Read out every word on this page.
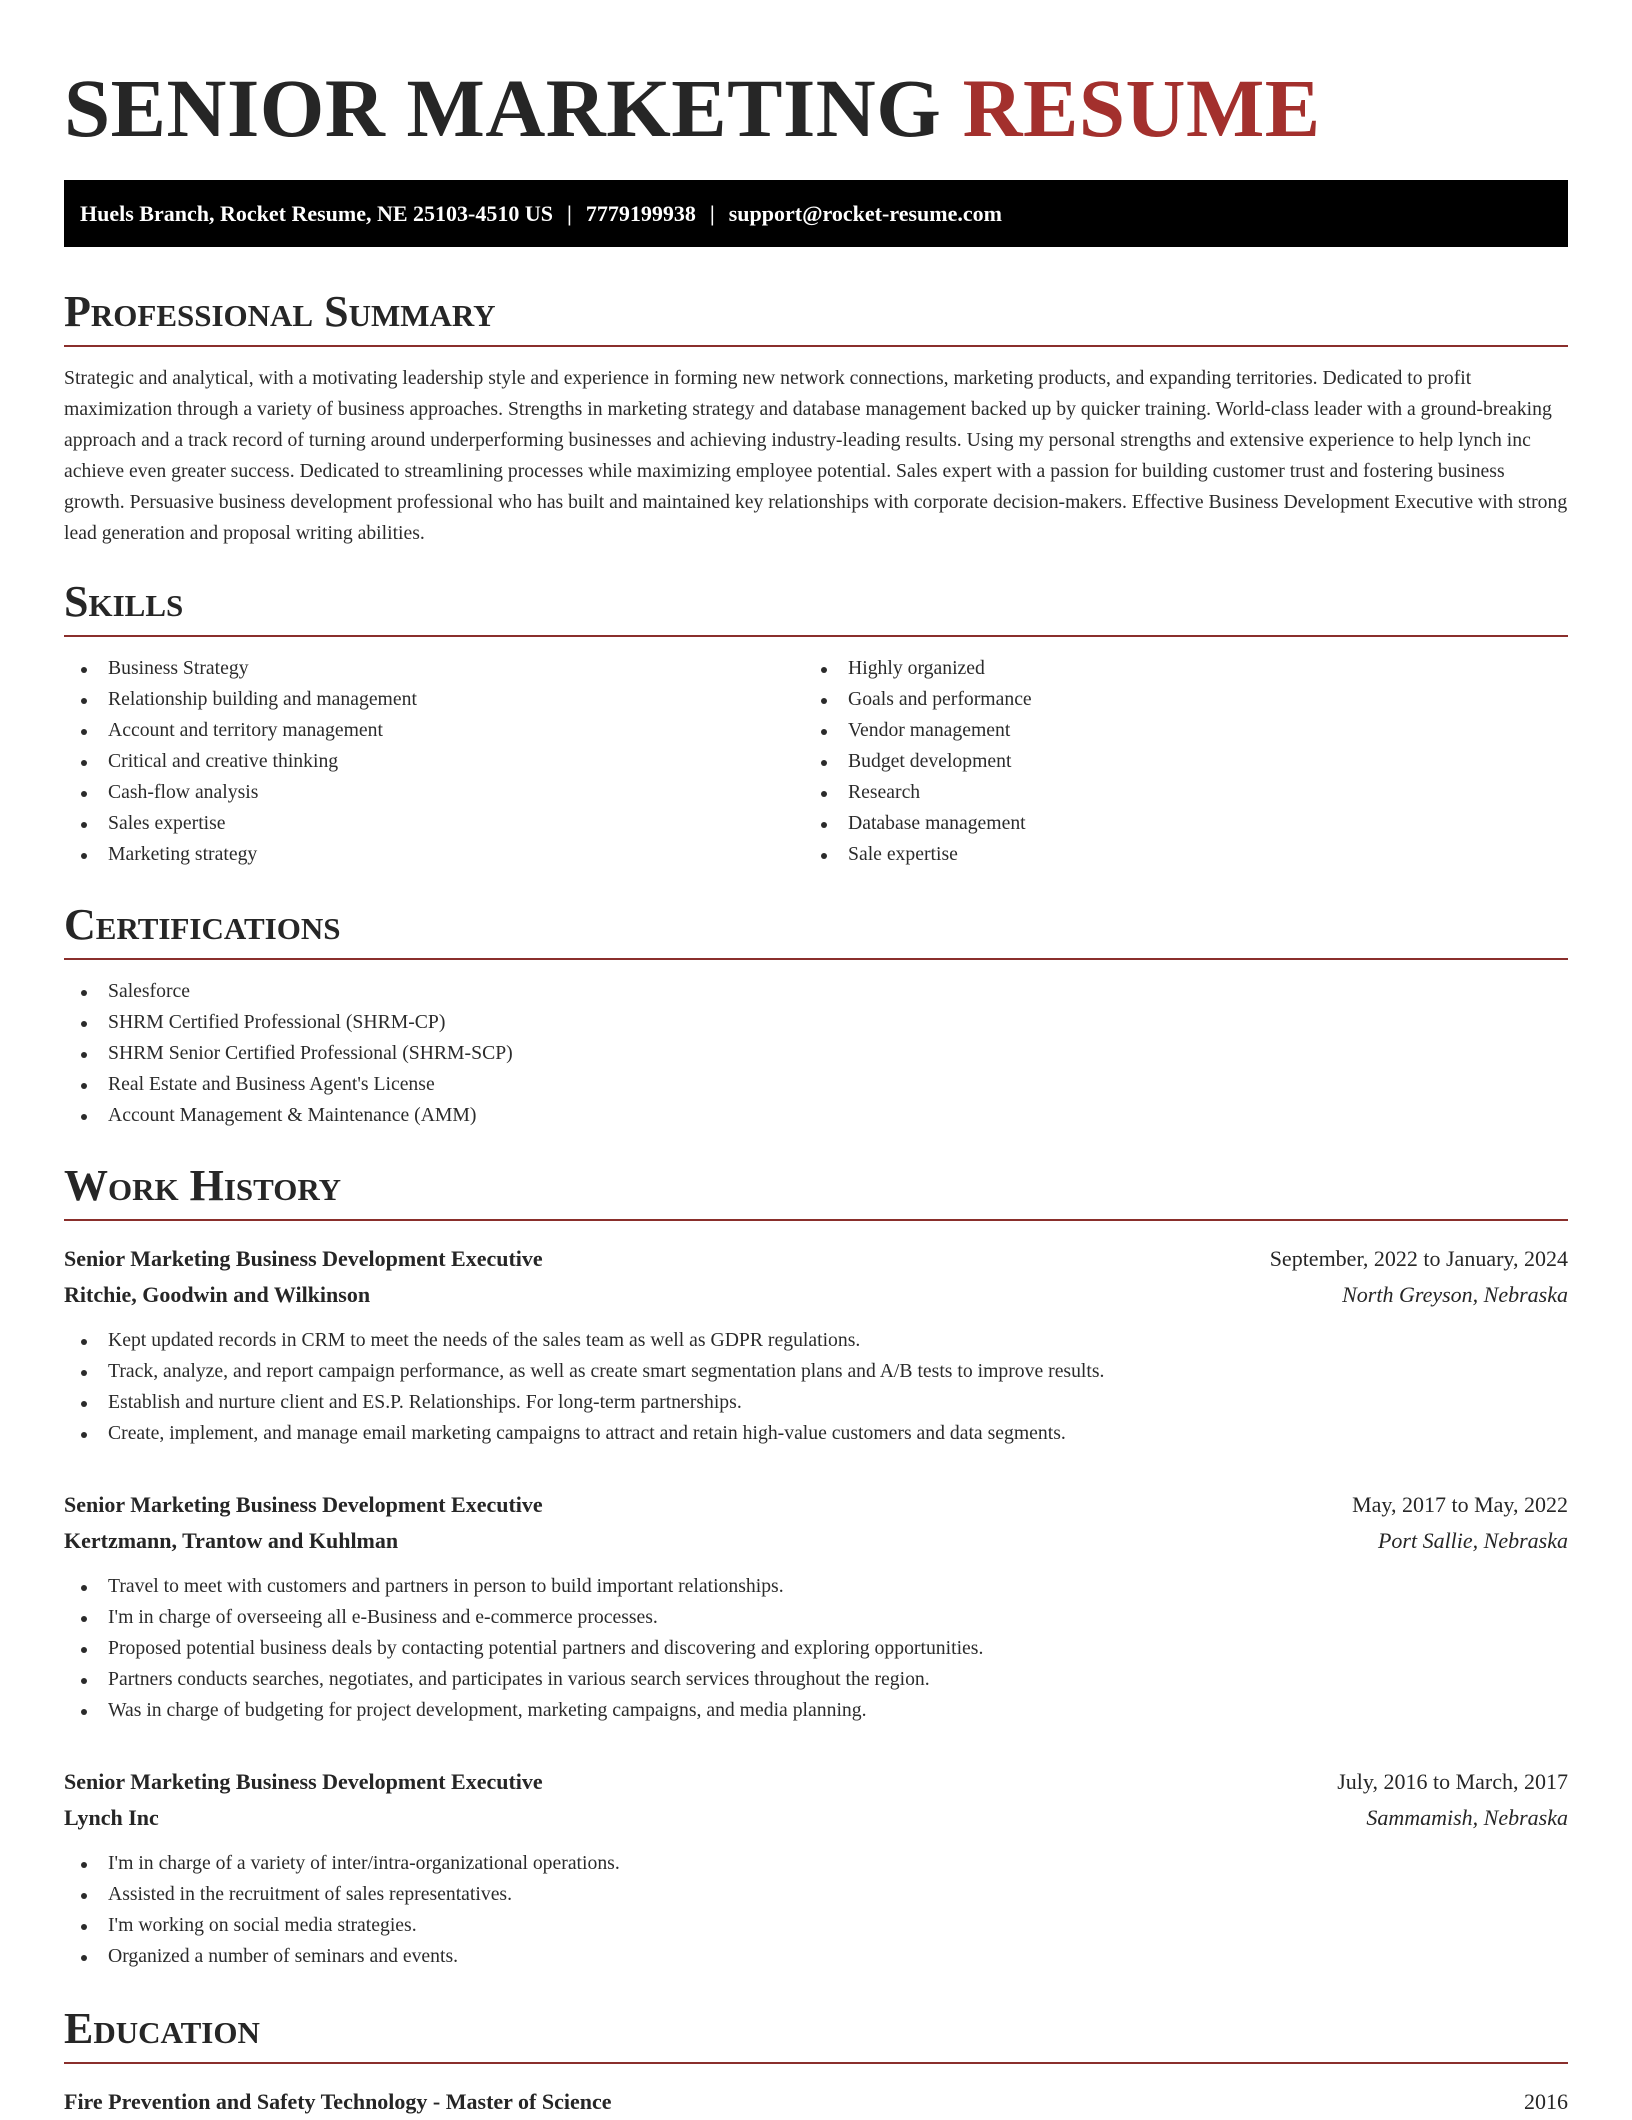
SENIOR MARKETING RESUME
Huels Branch, Rocket Resume, NE 25103-4510 US | 7779199938 | support@rocket-resume.com
Professional Summary

Strategic and analytical, with a motivating leadership style and experience in forming new network connections, marketing products, and expanding territories. Dedicated to profit maximization through a variety of business approaches. Strengths in marketing strategy and database management backed up by quicker training. World-class leader with a ground-breaking approach and a track record of turning around underperforming businesses and achieving industry-leading results. Using my personal strengths and extensive experience to help lynch inc achieve even greater success. Dedicated to streamlining processes while maximizing employee potential. Sales expert with a passion for building customer trust and fostering business growth. Persuasive business development professional who has built and maintained key relationships with corporate decision-makers. Effective Business Development Executive with strong lead generation and proposal writing abilities.

Skills
Business Strategy
Relationship building and management
Account and territory management
Critical and creative thinking
Cash-flow analysis
Sales expertise
Marketing strategy
Highly organized
Goals and performance
Vendor management
Budget development
Research
Database management
Sale expertise
Certifications
Salesforce
SHRM Certified Professional (SHRM-CP)
SHRM Senior Certified Professional (SHRM-SCP)
Real Estate and Business Agent's License
Account Management & Maintenance (AMM)
Work History
Senior Marketing Business Development Executive	September, 2022 to January, 2024
Ritchie, Goodwin and Wilkinson	North Greyson, Nebraska
Kept updated records in CRM to meet the needs of the sales team as well as GDPR regulations.
Track, analyze, and report campaign performance, as well as create smart segmentation plans and A/B tests to improve results.
Establish and nurture client and ES.P. Relationships. For long-term partnerships.
Create, implement, and manage email marketing campaigns to attract and retain high-value customers and data segments.
Senior Marketing Business Development Executive	May, 2017 to May, 2022
Kertzmann, Trantow and Kuhlman	Port Sallie, Nebraska
Travel to meet with customers and partners in person to build important relationships.
I'm in charge of overseeing all e-Business and e-commerce processes.
Proposed potential business deals by contacting potential partners and discovering and exploring opportunities.
Partners conducts searches, negotiates, and participates in various search services throughout the region.
Was in charge of budgeting for project development, marketing campaigns, and media planning.
Senior Marketing Business Development Executive	July, 2016 to March, 2017
Lynch Inc	Sammamish, Nebraska
I'm in charge of a variety of inter/intra-organizational operations.
Assisted in the recruitment of sales representatives.
I'm working on social media strategies.
Organized a number of seminars and events.
Education
Fire Prevention and Safety Technology - Master of Science	2016
